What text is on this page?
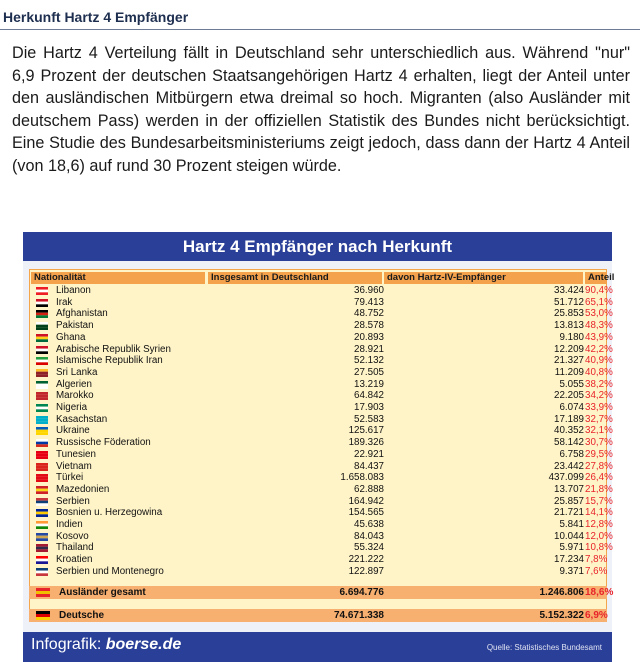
Herkunft Hartz 4 Empfänger
Die Hartz 4 Verteilung fällt in Deutschland sehr unterschiedlich aus. Während "nur" 6,9 Prozent der deutschen Staatsangehörigen Hartz 4 erhalten, liegt der Anteil unter den ausländischen Mitbürgern etwa dreimal so hoch. Migranten (also Ausländer mit deutschem Pass) werden in der offiziellen Statistik des Bundes nicht berücksichtigt. Eine Studie des Bundesarbeitsministeriums zeigt jedoch, dass dann der Hartz 4 Anteil (von 18,6) auf rund 30 Prozent steigen würde.
Hartz 4 Empfänger nach Herkunft
Nationalität	Insgesamt in Deutschland	davon Hartz-IV-Empfänger	Anteil
Libanon	36.960	33.424 90,4%
Irak	79.413	51.712 65,1%
Afghanistan	48.752	25.853 53,0%
Pakistan	28.578	13.813 48,3%
Ghana	20.893	9.180 43,9%
Arabische Republik Syrien	28.921	12.209 42,2%
Islamische Republik Iran	52.132	21.327 40,9%
Sri Lanka	27.505	11.209 40,8%
Algerien	13.219	5.055 38,2%
Marokko	64.842	22.205 34,2%
Nigeria	17.903	6.074 33,9%
Kasachstan	52.583	17.189 32,7%
Ukraine	125.617	40.352 32,1%
Russische Föderation	189.326	58.142 30,7%
Tunesien	22.921	6.758 29,5%
Vietnam	84.437	23.442 27,8%
Türkei	1.658.083	437.099 26,4%
Mazedonien	62.888	13.707 21,8%
Serbien	164.942	25.857 15,7%
Bosnien u. Herzegowina	154.565	21.721 14,1%
Indien	45.638	5.841 12,8%
Kosovo	84.043	10.044 12,0%
Thailand	55.324	5.971 10,8%
Kroatien	221.222	17.234 7,8%
Serbien und Montenegro	122.897	9.371 7,6%
Ausländer gesamt	6.694.776	1.246.806 18,6%
Deutsche	74.671.338	5.152.322 6,9%
Infografik: boerse.de	Quelle: Statistisches Bundesamt
